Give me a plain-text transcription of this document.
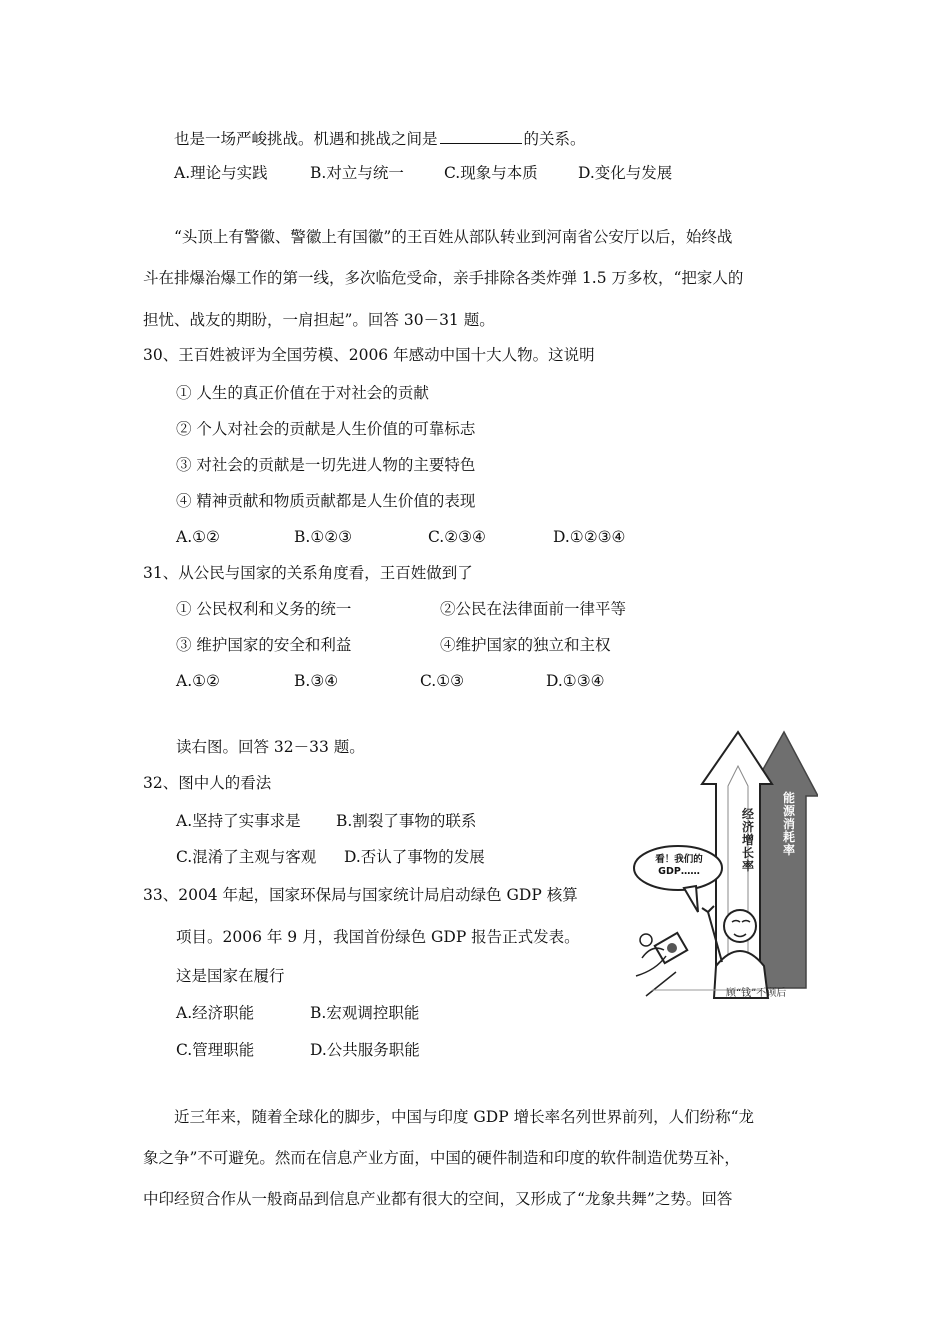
也是一场严峻挑战。机遇和挑战之间是	的关系。
A.理论与实践	B.对立与统一	C.现象与本质	D.变化与发展
“头顶上有警徽、警徽上有国徽”的王百姓从部队转业到河南省公安厅以后，始终战
斗在排爆治爆工作的第一线，多次临危受命，亲手排除各类炸弹 1.5 万多枚，“把家人的
担忧、战友的期盼，一肩担起”。回答 30－31 题。
30、王百姓被评为全国劳模、2006 年感动中国十大人物。这说明
① 人生的真正价值在于对社会的贡献
② 个人对社会的贡献是人生价值的可靠标志
③ 对社会的贡献是一切先进人物的主要特色
④ 精神贡献和物质贡献都是人生价值的表现
A.①②	B.①②③	C.②③④	D.①②③④
31、从公民与国家的关系角度看，王百姓做到了
① 公民权利和义务的统一	②公民在法律面前一律平等
③ 维护国家的安全和利益	④维护国家的独立和主权
A.①②	B.③④	C.①③	D.①③④
读右图。回答 32－33 题。
32、图中人的看法
A.坚持了实事求是 B.割裂了事物的联系
C.混淆了主观与客观 D.否认了事物的发展
33、2004 年起，国家环保局与国家统计局启动绿色 GDP 核算
项目。2006 年 9 月，我国首份绿色 GDP 报告正式发表。
这是国家在履行
A.经济职能	B.宏观调控职能
C.管理职能	D.公共服务职能
经
济
增
长
率
能
源
消
耗
率
看！我们的
GDP……
顾“钱”不顾后
近三年来，随着全球化的脚步，中国与印度 GDP 增长率名列世界前列，人们纷称“龙
象之争”不可避免。然而在信息产业方面，中国的硬件制造和印度的软件制造优势互补，
中印经贸合作从一般商品到信息产业都有很大的空间，又形成了“龙象共舞”之势。回答
